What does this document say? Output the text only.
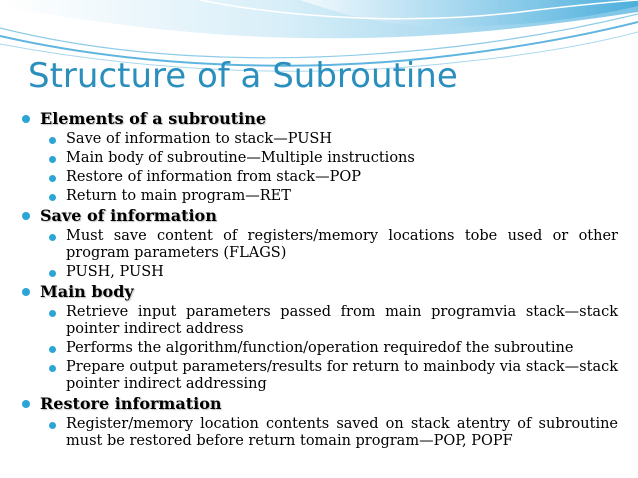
Structure of a Subroutine
Elements of a subroutine
Save of information to stack—PUSH
Main body of subroutine—Multiple instructions
Restore of information from stack—POP
Return to main program—RET
Save of information
Must save content of registers/memory locations tobe used or other program parameters (FLAGS)
PUSH, PUSH
Main body
Retrieve input parameters passed from main programvia stack—stack pointer indirect address
Performs the algorithm/function/operation requiredof the subroutine
Prepare output parameters/results for return to mainbody via stack—stack pointer indirect addressing
Restore information
Register/memory location contents saved on stack atentry of subroutine must be restored before return tomain program—POP, POPF
